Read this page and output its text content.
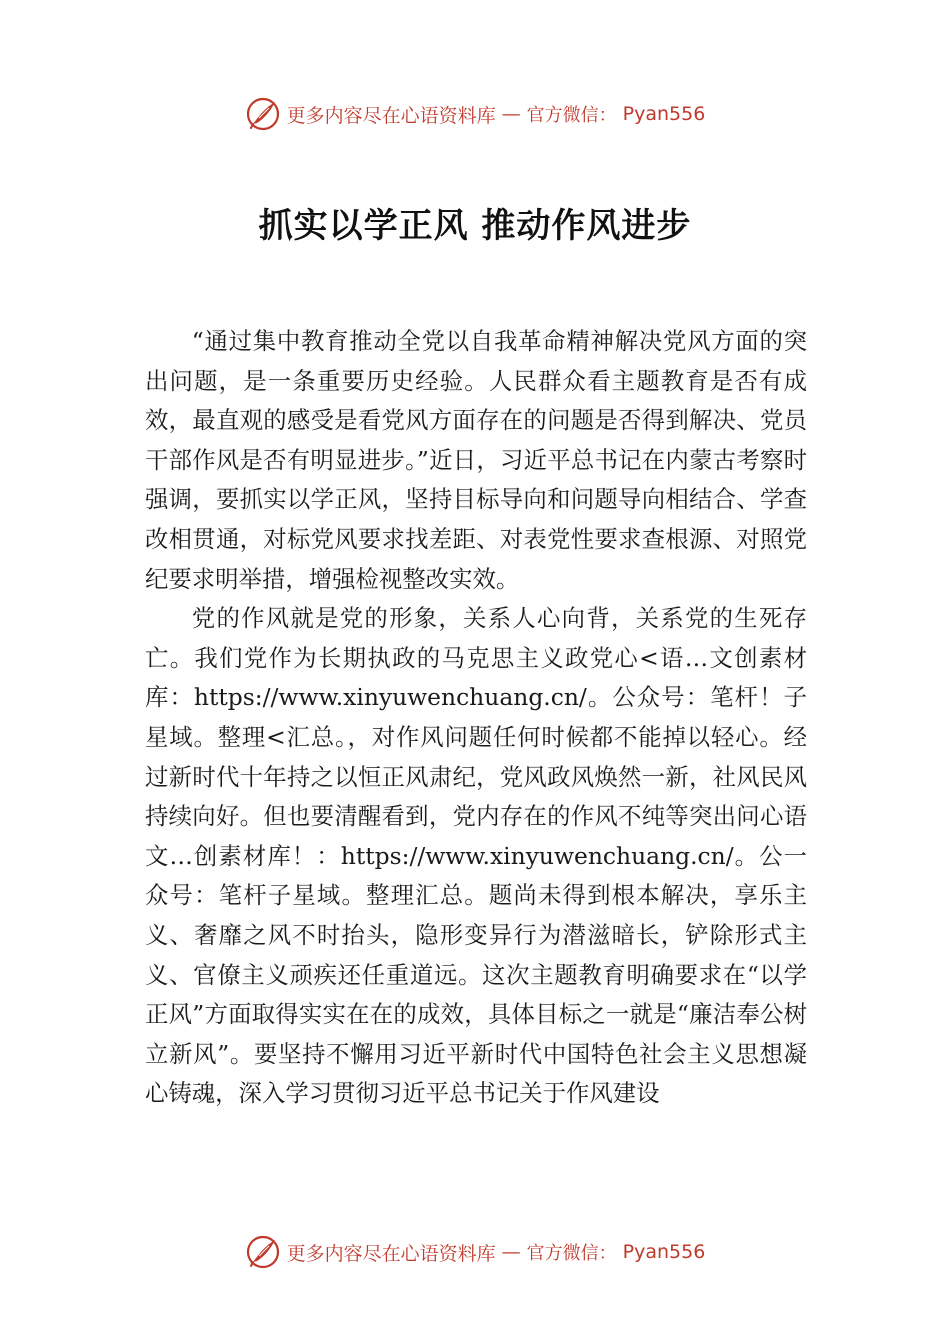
更多内容尽在心语资料库 — 官方微信： Pyan556
抓实以学正风 推动作风进步

“通过集中教育推动全党以自我革命精神解决党风方面的突出问题，是一条重要历史经验。人民群众看主题教育是否有成效，最直观的感受是看党风方面存在的问题是否得到解决、党员干部作风是否有明显进步。”近日，习近平总书记在内蒙古考察时强调，要抓实以学正风，坚持目标导向和问题导向相结合、学查改相贯通，对标党风要求找差距、对表党性要求查根源、对照党纪要求明举措，增强检视整改实效。

党的作风就是党的形象，关系人心向背，关系党的生死存亡。我们党作为长期执政的马克思主义政党心<语…文创素材库：https://www.xinyuwenchuang.cn/。公众号：笔杆！子星域。整理<汇总。，对作风问题任何时候都不能掉以轻心。经过新时代十年持之以恒正风肃纪，党风政风焕然一新，社风民风持续向好。但也要清醒看到，党内存在的作风不纯等突出问心语文…创素材库！：https://www.xinyuwenchuang.cn/。公一众号：笔杆子星域。整理汇总。题尚未得到根本解决，享乐主义、奢靡之风不时抬头，隐形变异行为潜滋暗长，铲除形式主义、官僚主义顽疾还任重道远。这次主题教育明确要求在“以学正风”方面取得实实在在的成效，具体目标之一就是“廉洁奉公树立新风”。要坚持不懈用习近平新时代中国特色社会主义思想凝心铸魂，深入学习贯彻习近平总书记关于作风建设

更多内容尽在心语资料库 — 官方微信： Pyan556
